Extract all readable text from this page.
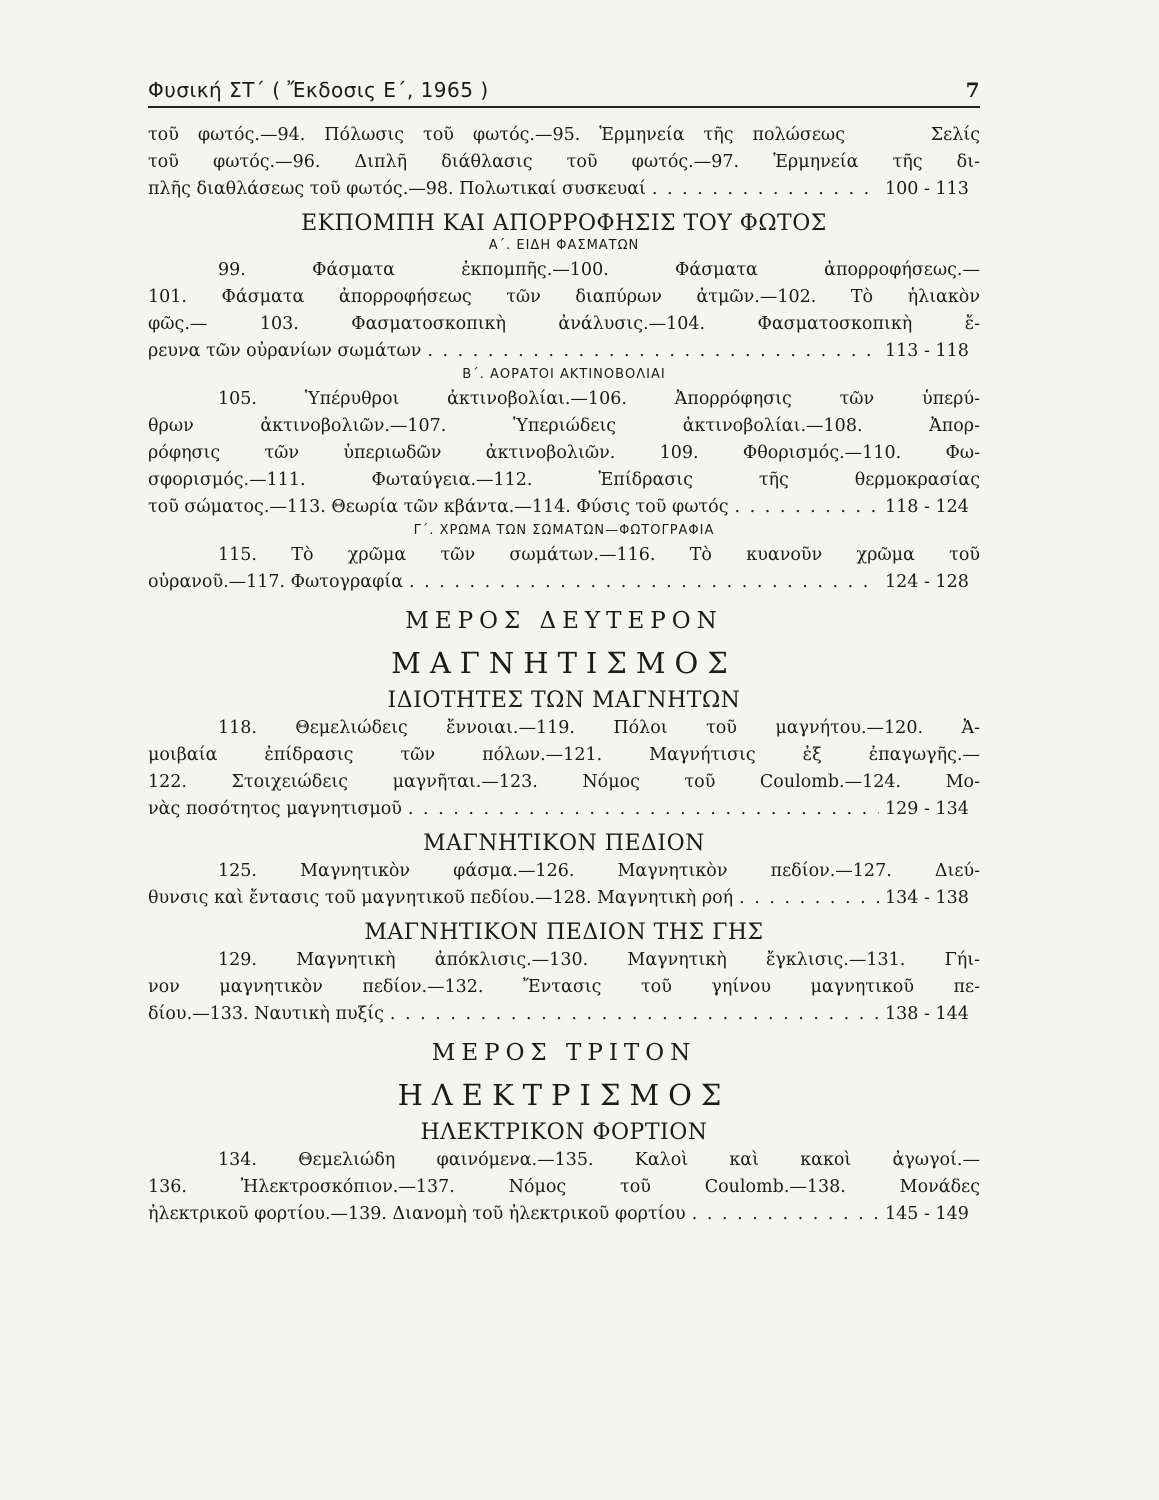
Φυσική ΣΤ΄ ( Ἔκδοσις Ε΄, 1965 )	7
τοῦ φωτός.—94. Πόλωσις τοῦ φωτός.—95. Ἑρμηνεία τῆς πολώσεως	Σελίς
τοῦ φωτός.—96. Διπλῆ διάθλασις τοῦ φωτός.—97. Ἑρμηνεία τῆς δι-
πλῆς διαθλάσεως τοῦ φωτός.—98. Πολωτικαί συσκευαί . . .	100 - 113
ΕΚΠΟΜΠΗ ΚΑΙ ΑΠΟΡΡΟΦΗΣΙΣ ΤΟΥ ΦΩΤΟΣ
Α΄. ΕΙΔΗ ΦΑΣΜΑΤΩΝ
99. Φάσματα ἐκπομπῆς.—100. Φάσματα ἀπορροφήσεως.—
101. Φάσματα ἀπορροφήσεως τῶν διαπύρων ἀτμῶν.—102. Τὸ ἡλιακὸν
φῶς.— 103. Φασματοσκοπικὴ ἀνάλυσις.—104. Φασματοσκοπικὴ ἔ-
ρευνα τῶν οὐρανίων σωμάτων . . .	113 - 118
Β΄. ΑΟΡΑΤΟΙ ΑΚΤΙΝΟΒΟΛΙΑΙ
105. Ὑπέρυθροι ἀκτινοβολίαι.—106. Ἀπορρόφησις τῶν ὑπερύ-
θρων ἀκτινοβολιῶν.—107. Ὑπεριώδεις ἀκτινοβολίαι.—108. Ἀπορ-
ρόφησις τῶν ὑπεριωδῶν ἀκτινοβολιῶν. 109. Φθορισμός.—110. Φω-
σφορισμός.—111. Φωταύγεια.—112. Ἐπίδρασις τῆς θερμοκρασίας
τοῦ σώματος.—113. Θεωρία τῶν κβάντα.—114. Φύσις τοῦ φωτός . . .	118 - 124
Γ΄. ΧΡΩΜΑ ΤΩΝ ΣΩΜΑΤΩΝ—ΦΩΤΟΓΡΑΦΙΑ
115. Τὸ χρῶμα τῶν σωμάτων.—116. Τὸ κυανοῦν χρῶμα τοῦ
οὐρανοῦ.—117. Φωτογραφία . . .	124 - 128
ΜΕΡΟΣ ΔΕΥΤΕΡΟΝ
ΜΑΓΝΗΤΙΣΜΟΣ
ΙΔΙΟΤΗΤΕΣ ΤΩΝ ΜΑΓΝΗΤΩΝ
118. Θεμελιώδεις ἔννοιαι.—119. Πόλοι τοῦ μαγνήτου.—120. Ἀ-
μοιβαία ἐπίδρασις τῶν πόλων.—121. Μαγνήτισις ἐξ ἐπαγωγῆς.—
122. Στοιχειώδεις μαγνῆται.—123. Νόμος τοῦ Coulomb.—124. Μο-
νὰς ποσότητος μαγνητισμοῦ . . .	129 - 134
ΜΑΓΝΗΤΙΚΟΝ ΠΕΔΙΟΝ
125. Μαγνητικὸν φάσμα.—126. Μαγνητικὸν πεδίον.—127. Διεύ-
θυνσις καὶ ἔντασις τοῦ μαγνητικοῦ πεδίου.—128. Μαγνητικὴ ροή . . .	134 - 138
ΜΑΓΝΗΤΙΚΟΝ ΠΕΔΙΟΝ ΤΗΣ ΓΗΣ
129. Μαγνητικὴ ἀπόκλισις.—130. Μαγνητικὴ ἔγκλισις.—131. Γήι-
νον μαγνητικὸν πεδίον.—132. Ἔντασις τοῦ γηίνου μαγνητικοῦ πε-
δίου.—133. Ναυτικὴ πυξίς . . .	138 - 144
ΜΕΡΟΣ ΤΡΙΤΟΝ
ΗΛΕΚΤΡΙΣΜΟΣ
ΗΛΕΚΤΡΙΚΟΝ ΦΟΡΤΙΟΝ
134. Θεμελιώδη φαινόμενα.—135. Καλοὶ καὶ κακοὶ ἀγωγοί.—
136. Ἠλεκτροσκόπιον.—137. Νόμος τοῦ Coulomb.—138. Μονάδες
ἠλεκτρικοῦ φορτίου.—139. Διανομὴ τοῦ ἠλεκτρικοῦ φορτίου . . .	145 - 149
